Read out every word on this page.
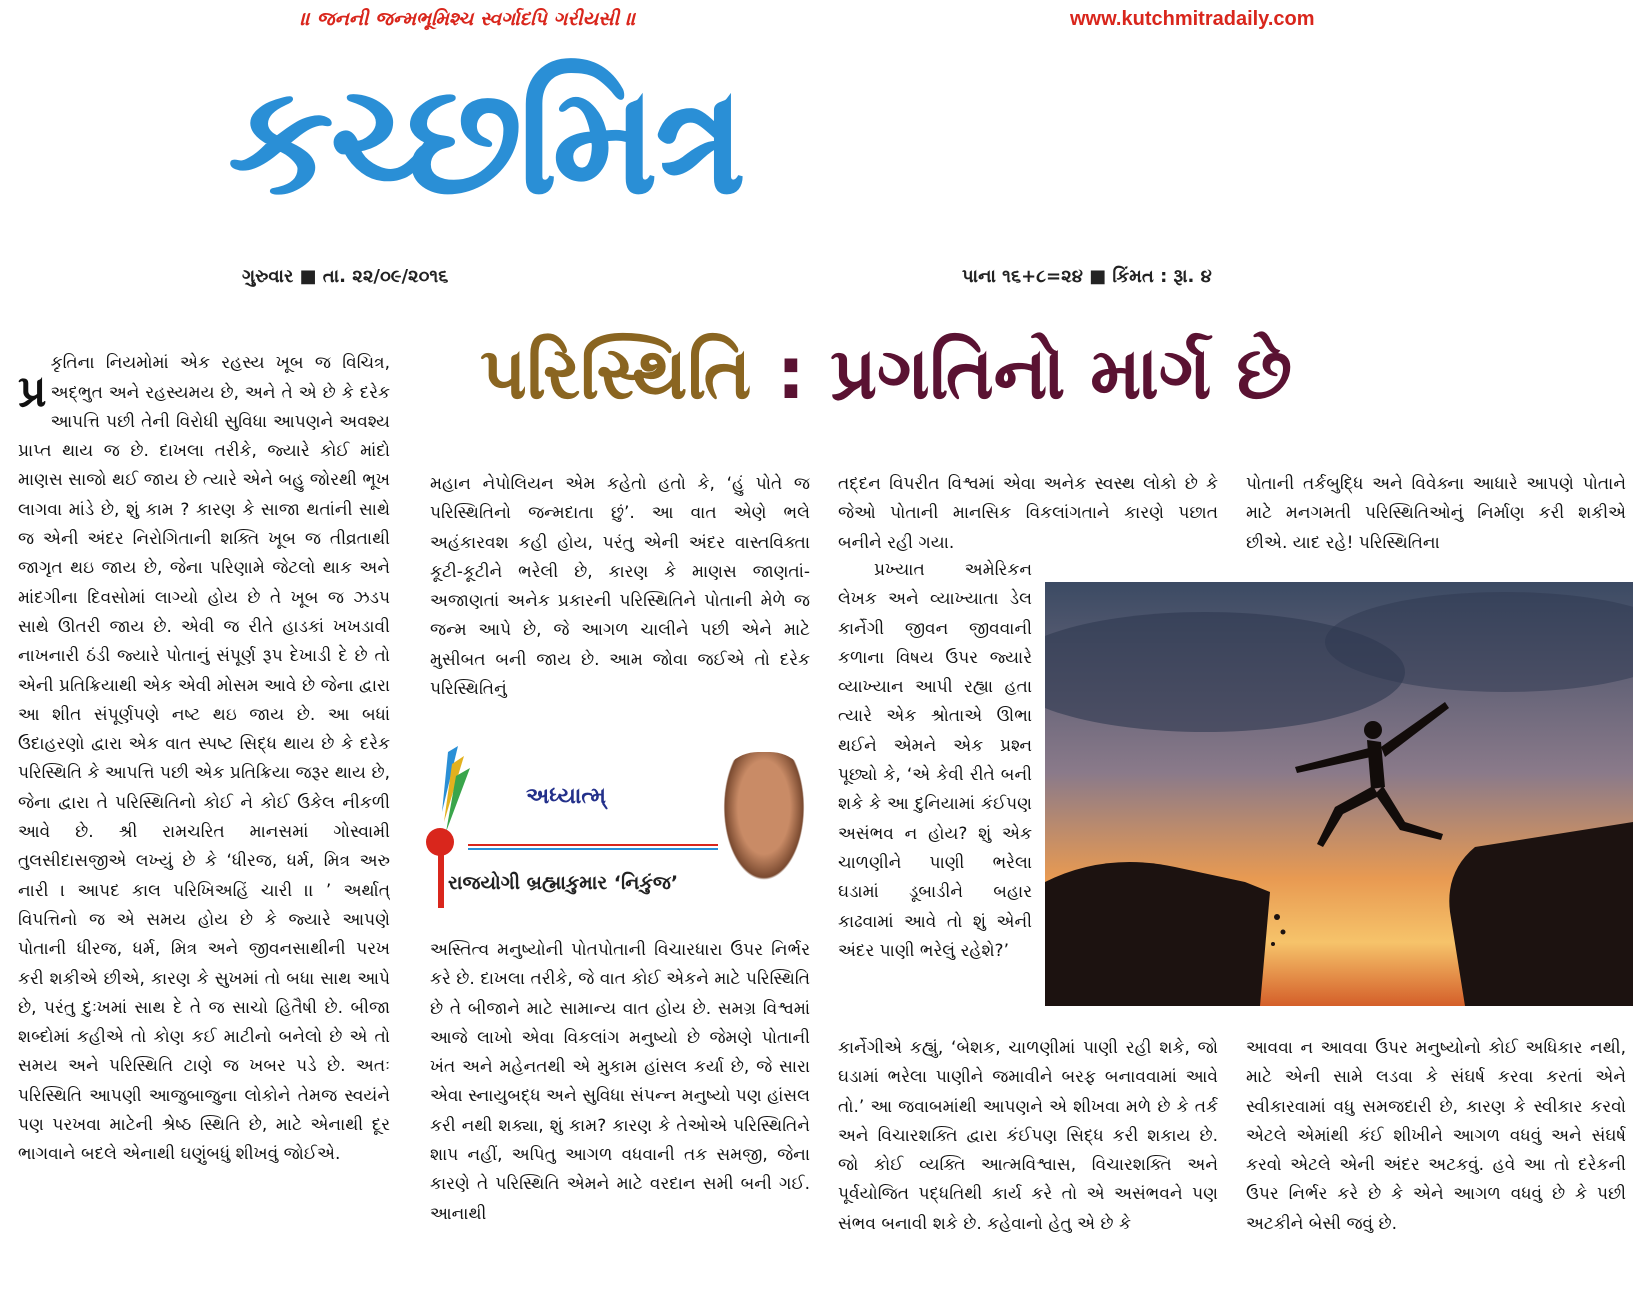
॥ જનની જન્મભૂમિશ્ચ સ્વર્ગાદપિ ગરીયસી ॥	www.kutchmitradaily.com
કચ્છમિત્ર
ગુરુવાર ■ તા. ૨૨/૦૯/૨૦૧૬	પાના ૧૬+૮=૨૪ ■ કિંમત : રૂા. ૪
પરિસ્થિતિ : પ્રગતિનો માર્ગ છે

પ્ર
કૃતિના નિયમોમાં એક રહસ્ય ખૂબ જ વિચિત્ર, અદ્‍ભુત અને રહસ્યમય છે, અને તે એ છે કે દરેક આપત્તિ પછી તેની વિરોધી સુવિધા આપણને અવશ્ય પ્રાપ્ત થાય જ છે. દાખલા તરીકે, જ્યારે કોઈ માંદો માણસ સાજો થઈ જાય છે ત્યારે એને બહુ જોરથી ભૂખ લાગવા માંડે છે, શું કામ ? કારણ કે સાજા થતાંની સાથે જ એની અંદર નિરોગિતાની શક્તિ ખૂબ જ તીવ્રતાથી જાગૃત થઇ જાય છે, જેના પરિણામે જેટલો થાક અને માંદગીના દિવસોમાં લાગ્યો હોય છે તે ખૂબ જ ઝડપ સાથે ઊતરી જાય છે. એવી જ રીતે હાડકાં ખખડાવી નાખનારી ઠંડી જ્યારે પોતાનું સંપૂર્ણ રૂપ દેખાડી દે છે તો એની પ્રતિક્રિયાથી એક એવી મોસમ આવે છે જેના દ્વારા આ શીત સંપૂર્ણપણે નષ્ટ થઇ જાય છે. આ બધાં ઉદાહરણો દ્વારા એક વાત સ્પષ્ટ સિદ્ધ થાય છે કે દરેક પરિસ્થિતિ કે આપત્તિ પછી એક પ્રતિક્રિયા જરૂર થાય છે, જેના દ્વારા તે પરિસ્થિતિનો કોઈ ને કોઈ ઉકેલ નીકળી આવે છે. શ્રી રામચરિત માનસમાં ગોસ્વામી તુલસીદાસજીએ લખ્યું છે કે ‘ધીરજ, ધર્મ, મિત્ર અરુ નારી । આપદ કાલ પરિખિઅહિં ચારી ।। ’ અર્થાત્ વિપત્તિનો જ એ સમય હોય છે કે જ્યારે આપણે પોતાની ધીરજ, ધર્મ, મિત્ર અને જીવનસાથીની પરખ કરી શકીએ છીએ, કારણ કે સુખમાં તો બધા સાથ આપે છે, પરંતુ દુઃખમાં સાથ દે તે જ સાચો હિતૈષી છે. બીજા શબ્દોમાં કહીએ તો કોણ કઈ માટીનો બનેલો છે એ તો સમય અને પરિસ્થિતિ ટાણે જ ખબર પડે છે. અતઃ પરિસ્થિતિ આપણી આજુબાજુના લોકોને તેમજ સ્વયંને પણ પરખવા માટેની શ્રેષ્ઠ સ્થિતિ છે, માટે એનાથી દૂર ભાગવાને બદલે એનાથી ઘણુંબધું શીખવું જોઈએ.

મહાન નેપોલિયન એમ કહેતો હતો કે, ‘હું પોતે જ પરિસ્થિતિનો જન્મદાતા છું’. આ વાત એણે ભલે અહંકારવશ કહી હોય, પરંતુ એની અંદર વાસ્તવિક્તા કૂટી-કૂટીને ભરેલી છે, કારણ કે માણસ જાણતાં-અજાણતાં અનેક પ્રકારની પરિસ્થિતિને પોતાની મેળે જ જન્મ આપે છે, જે આગળ ચાલીને પછી એને માટે મુસીબત બની જાય છે. આમ જોવા જઈએ તો દરેક પરિસ્થિતિનું
અધ્યાત્મ્
રાજયોગી બ્રહ્માકુમાર ‘નિકુંજ’
અસ્તિત્વ મનુષ્યોની પોતપોતાની વિચારધારા ઉપર નિર્ભર કરે છે. દાખલા તરીકે, જે વાત કોઈ એકને માટે પરિસ્થિતિ છે તે બીજાને માટે સામાન્ય વાત હોય છે. સમગ્ર વિશ્વમાં આજે લાખો એવા વિકલાંગ મનુષ્યો છે જેમણે પોતાની ખંત અને મહેનતથી એ મુકામ હાંસલ કર્યા છે, જે સારા એવા સ્નાયુબદ્ધ અને સુવિધા સંપન્ન મનુષ્યો પણ હાંસલ કરી નથી શક્યા, શું કામ? કારણ કે તેઓએ પરિસ્થિતિને શાપ નહીં, અપિતુ આગળ વધવાની તક સમજી, જેના કારણે તે પરિસ્થિતિ એમને માટે વરદાન સમી બની ગઈ. આનાથી
તદ્દન વિપરીત વિશ્વમાં એવા અનેક સ્વસ્થ લોકો છે કે જેઓ પોતાની માનસિક વિકલાંગતાને કારણે પછાત બનીને રહી ગયા.
પ્રખ્યાત અમેરિકન લેખક અને વ્યાખ્યાતા ડેલ કાર્નેગી જીવન જીવવાની કળાના વિષય ઉપર જ્યારે વ્યાખ્યાન આપી રહ્યા હતા ત્યારે એક શ્રોતાએ ઊભા થઈને એમને એક પ્રશ્ન પૂછ્યો કે, ‘એ કેવી રીતે બની શકે કે આ દુનિયામાં કંઈપણ અસંભવ ન હોય? શું એક ચાળણીને પાણી ભરેલા ઘડામાં ડૂબાડીને બહાર કાઢવામાં આવે તો શું એની અંદર પાણી ભરેલું રહેશે?’
કાર્નેગીએ કહ્યું, ‘બેશક, ચાળણીમાં પાણી રહી શકે, જો ઘડામાં ભરેલા પાણીને જમાવીને બરફ બનાવવામાં આવે તો.’ આ જવાબમાંથી આપણને એ શીખવા મળે છે કે તર્ક અને વિચારશક્તિ દ્વારા કંઈપણ સિદ્ધ કરી શકાય છે. જો કોઈ વ્યક્તિ આત્મવિશ્વાસ, વિચારશક્તિ અને પૂર્વયોજિત પદ્ધતિથી કાર્ય કરે તો એ અસંભવને પણ સંભવ બનાવી શકે છે. કહેવાનો હેતુ એ છે કે
પોતાની તર્કબુદ્ધિ અને વિવેક્ના આધારે આપણે પોતાને માટે મનગમતી પરિસ્થિતિઓનું નિર્માણ કરી શકીએ છીએ. યાદ રહે! પરિસ્થિતિના
આવવા ન આવવા ઉપર મનુષ્યોનો કોઈ અધિકાર નથી, માટે એની સામે લડવા કે સંઘર્ષ કરવા કરતાં એને સ્વીકારવામાં વધુ સમજદારી છે, કારણ કે સ્વીકાર કરવો એટલે એમાંથી કંઈ શીખીને આગળ વધવું અને સંઘર્ષ કરવો એટલે એની અંદર અટકવું. હવે આ તો દરેકની ઉપર નિર્ભર કરે છે કે એને આગળ વધવું છે કે પછી અટકીને બેસી જવું છે.
